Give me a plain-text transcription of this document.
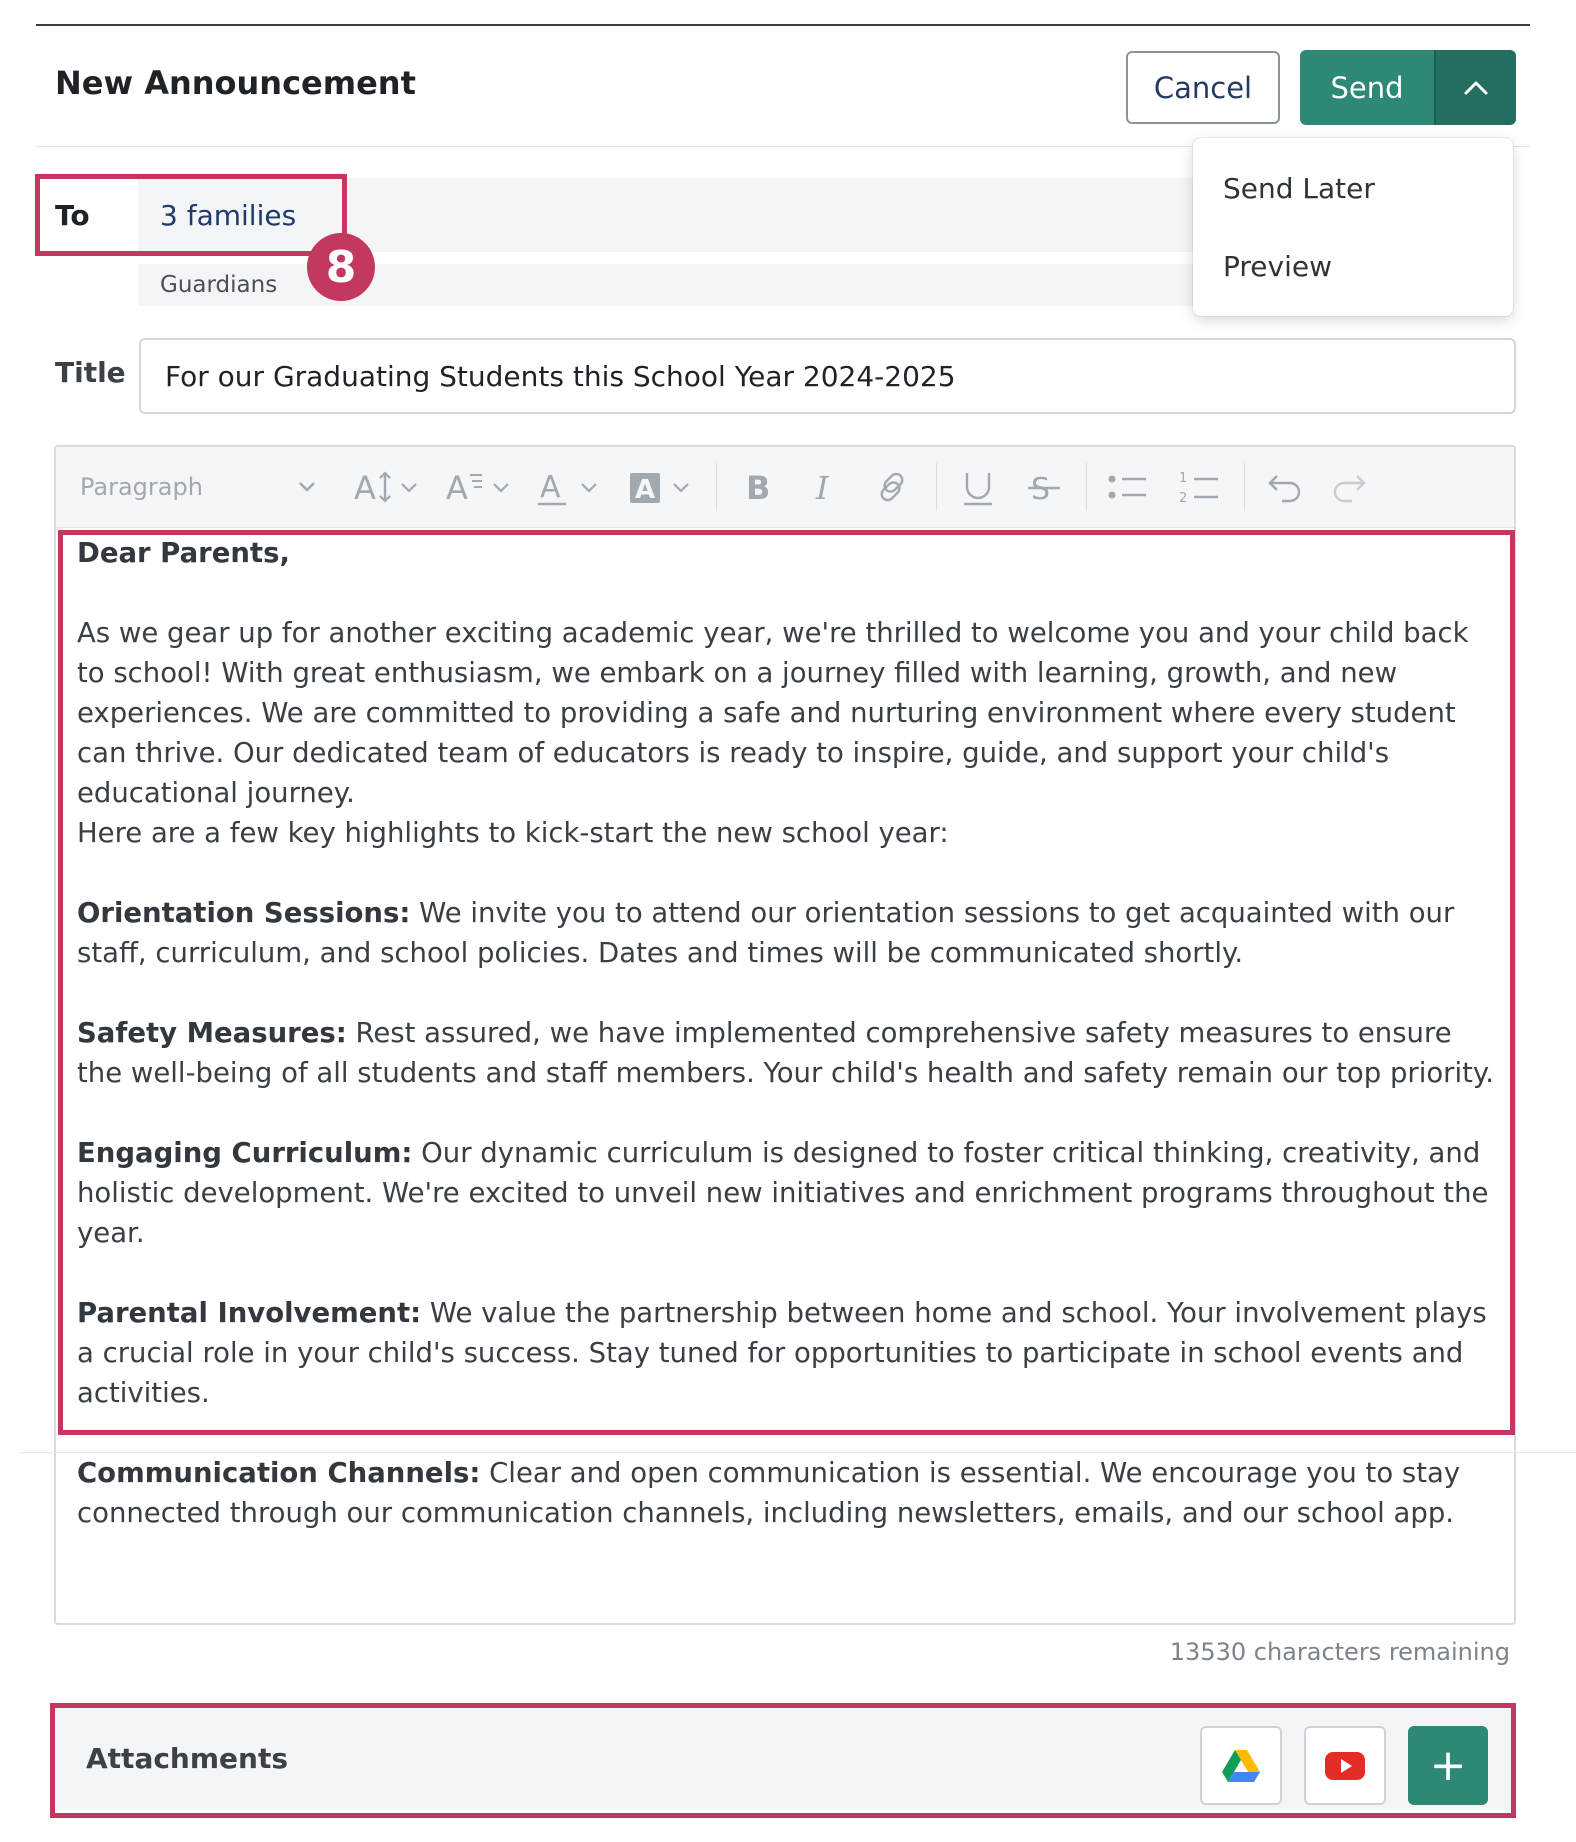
New Announcement	Cancel	Send
To	3 families
Guardians	8
Send Later
Preview
Title
For our Graduating Students this School Year 2024-2025
Paragraph	A A A	A	B I	S	1
2

Dear Parents,

As we gear up for another exciting academic year, we're thrilled to welcome you and your child back to school! With great enthusiasm, we embark on a journey filled with learning, growth, and new experiences. We are committed to providing a safe and nurturing environment where every student can thrive. Our dedicated team of educators is ready to inspire, guide, and support your child's educational journey.

Here are a few key highlights to kick-start the new school year:

Orientation Sessions: We invite you to attend our orientation sessions to get acquainted with our staff, curriculum, and school policies. Dates and times will be communicated shortly.

Safety Measures: Rest assured, we have implemented comprehensive safety measures to ensure the well-being of all students and staff members. Your child's health and safety remain our top priority.

Engaging Curriculum: Our dynamic curriculum is designed to foster critical thinking, creativity, and holistic development. We're excited to unveil new initiatives and enrichment programs throughout the year.

Parental Involvement: We value the partnership between home and school. Your involvement plays a crucial role in your child's success. Stay tuned for opportunities to participate in school events and activities.

Communication Channels: Clear and open communication is essential. We encourage you to stay connected through our communication channels, including newsletters, emails, and our school app.

13530 characters remaining
Attachments	+
